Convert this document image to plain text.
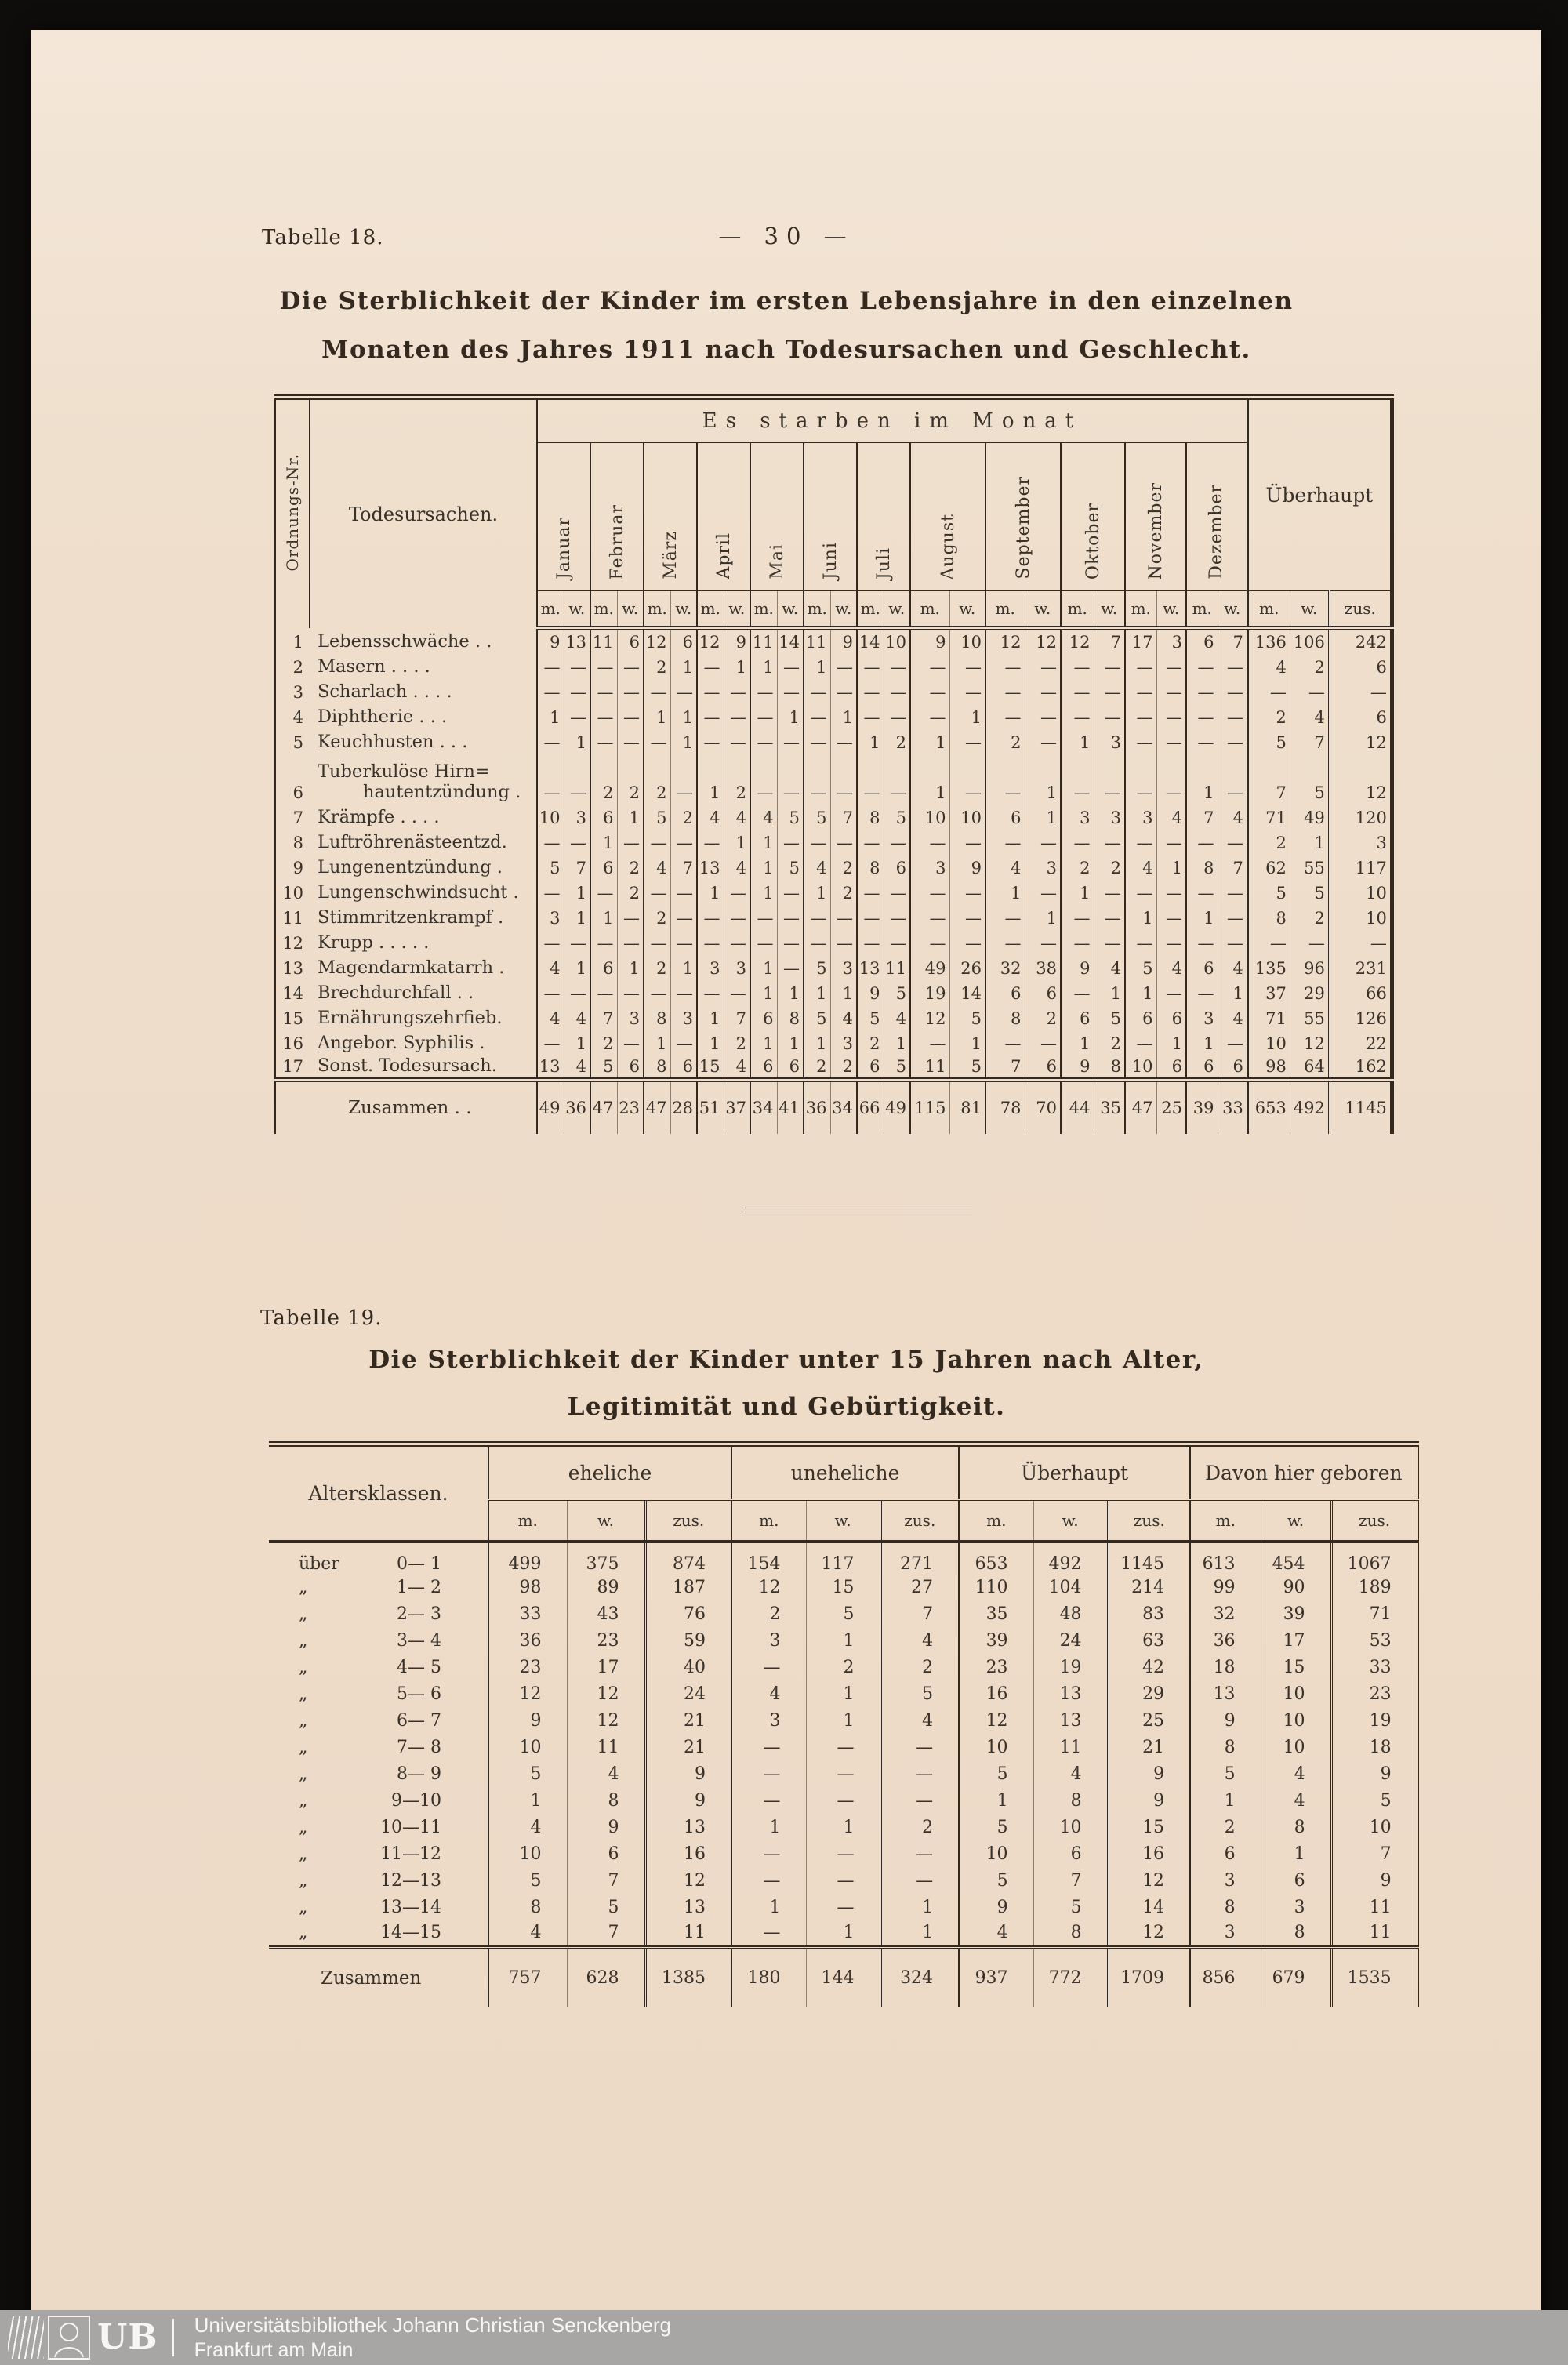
Tabelle 18.	— 30 —
Die Sterblichkeit der Kinder im ersten Lebensjahre in den einzelnen
Monaten des Jahres 1911 nach Todesursachen und Geschlecht.
Ordnungs-Nr.	Todesursachen.	Es starben im Monat																								Überhaupt		
		Januar		Februar		März		April		Mai		Juni		Juli		August		September		Oktober		November		Dezember				
		m.	w.	m.	w.	m.	w.	m.	w.	m.	w.	m.	w.	m.	w.	m.	w.	m.	w.	m.	w.	m.	w.	m.	w.	m.	w.	zus.
1	Lebensschwäche . .	9	13	11	6	12	6	12	9	11	14	11	9	14	10	9	10	12	12	12	7	17	3	6	7	136	106	242
2	Masern . . . .	—	—	—	—	2	1	—	1	1	—	1	—	—	—	—	—	—	—	—	—	—	—	—	—	4	2	6
3	Scharlach . . . .	—	—	—	—	—	—	—	—	—	—	—	—	—	—	—	—	—	—	—	—	—	—	—	—	—	—	—
4	Diphtherie . . .	1	—	—	—	1	1	—	—	—	1	—	1	—	—	—	1	—	—	—	—	—	—	—	—	2	4	6
5	Keuchhusten . . .	—	1	—	—	—	1	—	—	—	—	—	—	1	2	1	—	2	—	1	3	—	—	—	—	5	7	12
6	Tuberkulöse Hirn=
hautentzündung .	—	—	2	2	2	—	1	2	—	—	—	—	—	—	1	—	—	1	—	—	—	—	1	—	7	5	12
7	Krämpfe . . . .	10	3	6	1	5	2	4	4	4	5	5	7	8	5	10	10	6	1	3	3	3	4	7	4	71	49	120
8	Luftröhrenästeentzd.	—	—	1	—	—	—	—	1	1	—	—	—	—	—	—	—	—	—	—	—	—	—	—	—	2	1	3
9	Lungenentzündung .	5	7	6	2	4	7	13	4	1	5	4	2	8	6	3	9	4	3	2	2	4	1	8	7	62	55	117
10	Lungenschwindsucht .	—	1	—	2	—	—	1	—	1	—	1	2	—	—	—	—	1	—	1	—	—	—	—	—	5	5	10
11	Stimmritzenkrampf .	3	1	1	—	2	—	—	—	—	—	—	—	—	—	—	—	—	1	—	—	1	—	1	—	8	2	10
12	Krupp . . . . .	—	—	—	—	—	—	—	—	—	—	—	—	—	—	—	—	—	—	—	—	—	—	—	—	—	—	—
13	Magendarmkatarrh .	4	1	6	1	2	1	3	3	1	—	5	3	13	11	49	26	32	38	9	4	5	4	6	4	135	96	231
14	Brechdurchfall . .	—	—	—	—	—	—	—	—	1	1	1	1	9	5	19	14	6	6	—	1	1	—	—	1	37	29	66
15	Ernährungszehrfieb.	4	4	7	3	8	3	1	7	6	8	5	4	5	4	12	5	8	2	6	5	6	6	3	4	71	55	126
16	Angebor. Syphilis .	—	1	2	—	1	—	1	2	1	1	1	3	2	1	—	1	—	—	1	2	—	1	1	—	10	12	22
17	Sonst. Todesursach.	13	4	5	6	8	6	15	4	6	6	2	2	6	5	11	5	7	6	9	8	10	6	6	6	98	64	162
Zusammen . .		49	36	47	23	47	28	51	37	34	41	36	34	66	49	115	81	78	70	44	35	47	25	39	33	653	492	1145
Tabelle 19.
Die Sterblichkeit der Kinder unter 15 Jahren nach Alter,
Legitimität und Gebürtigkeit.
Altersklassen.	eheliche			uneheliche			Überhaupt			Davon hier geboren		
	m.	w.	zus.	m.	w.	zus.	m.	w.	zus.	m.	w.	zus.

über 0— 1	499	375	874	154	117	271	653	492	1145	613	454	1067

„ 1— 2	98	89	187	12	15	27	110	104	214	99	90	189

„ 2— 3	33	43	76	2	5	7	35	48	83	32	39	71

„ 3— 4	36	23	59	3	1	4	39	24	63	36	17	53

„ 4— 5	23	17	40	—	2	2	23	19	42	18	15	33

„ 5— 6	12	12	24	4	1	5	16	13	29	13	10	23

„ 6— 7	9	12	21	3	1	4	12	13	25	9	10	19

„ 7— 8	10	11	21	—	—	—	10	11	21	8	10	18

„ 8— 9	5	4	9	—	—	—	5	4	9	5	4	9

„ 9—10	1	8	9	—	—	—	1	8	9	1	4	5

„ 10—11	4	9	13	1	1	2	5	10	15	2	8	10

„ 11—12	10	6	16	—	—	—	10	6	16	6	1	7

„ 12—13	5	7	12	—	—	—	5	7	12	3	6	9

„ 13—14	8	5	13	1	—	1	9	5	14	8	3	11

„ 14—15	4	7	11	—	1	1	4	8	12	3	8	11
Zusammen	757	628	1385	180	144	324	937	772	1709	856	679	1535
UB Universitätsbibliothek Johann Christian Senckenberg
Frankfurt am Main
